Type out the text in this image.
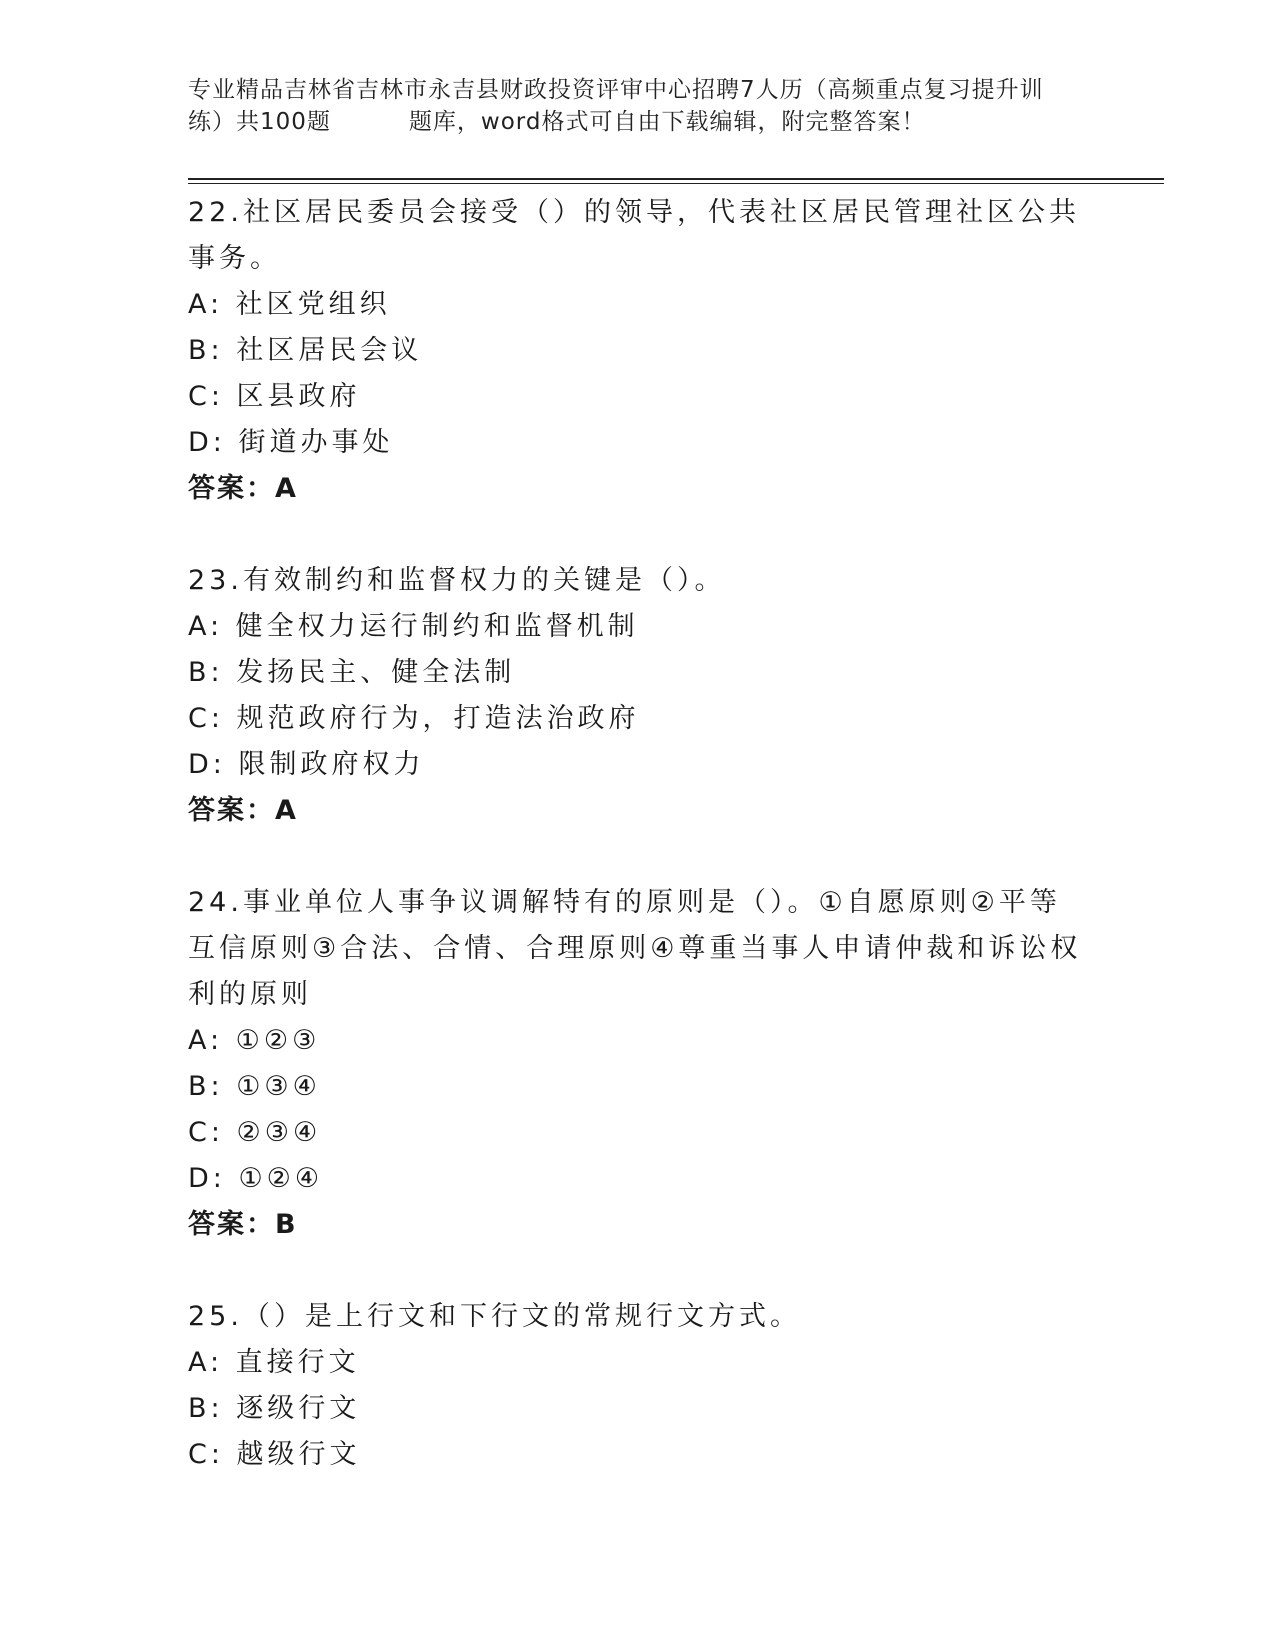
专业精品吉林省吉林市永吉县财政投资评审中心招聘7人历（高频重点复习提升训
练）共100题	题库，word格式可自由下载编辑，附完整答案！

22.社区居民委员会接受（）的领导，代表社区居民管理社区公共事务。

A: 社区党组织

B: 社区居民会议

C: 区县政府

D: 街道办事处

答案：A

23.有效制约和监督权力的关键是（）。

A: 健全权力运行制约和监督机制

B: 发扬民主、健全法制

C: 规范政府行为，打造法治政府

D: 限制政府权力

答案：A

24.事业单位人事争议调解特有的原则是（）。①自愿原则②平等互信原则③合法、合情、合理原则④尊重当事人申请仲裁和诉讼权利的原则

A: ①②③

B: ①③④

C: ②③④

D: ①②④

答案：B

25.（）是上行文和下行文的常规行文方式。

A: 直接行文

B: 逐级行文

C: 越级行文
